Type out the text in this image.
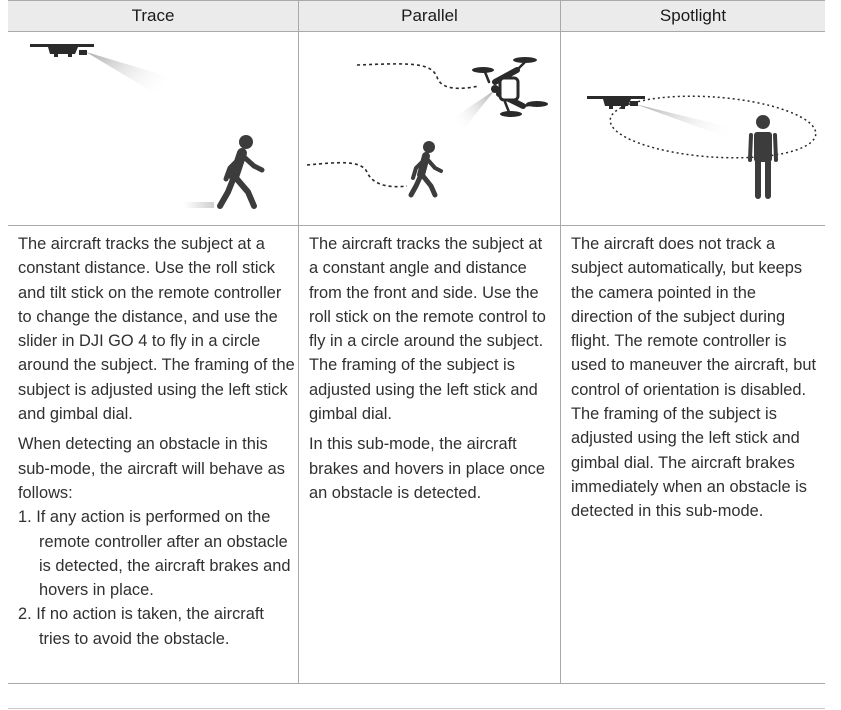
Trace	Parallel	Spotlight

The aircraft tracks the subject at a constant distance. Use the roll stick and tilt stick on the remote controller to change the distance, and use the slider in DJI GO 4 to fly in a circle around the subject. The framing of the subject is adjusted using the left stick and gimbal dial.

When detecting an obstacle in this sub-mode, the aircraft will behave as follows:

1. If any action is performed on the remote controller after an obstacle is detected, the aircraft brakes and hovers in place.
2. If no action is taken, the aircraft tries to avoid the obstacle.

The aircraft tracks the subject at a constant angle and distance from the front and side. Use the roll stick on the remote control to fly in a circle around the subject. The framing of the subject is adjusted using the left stick and gimbal dial.

In this sub-mode, the aircraft brakes and hovers in place once an obstacle is detected.

The aircraft does not track a subject automatically, but keeps the camera pointed in the direction of the subject during flight. The remote controller is used to maneuver the aircraft, but control of orientation is disabled. The framing of the subject is adjusted using the left stick and gimbal dial. The aircraft brakes immediately when an obstacle is detected in this sub-mode.
